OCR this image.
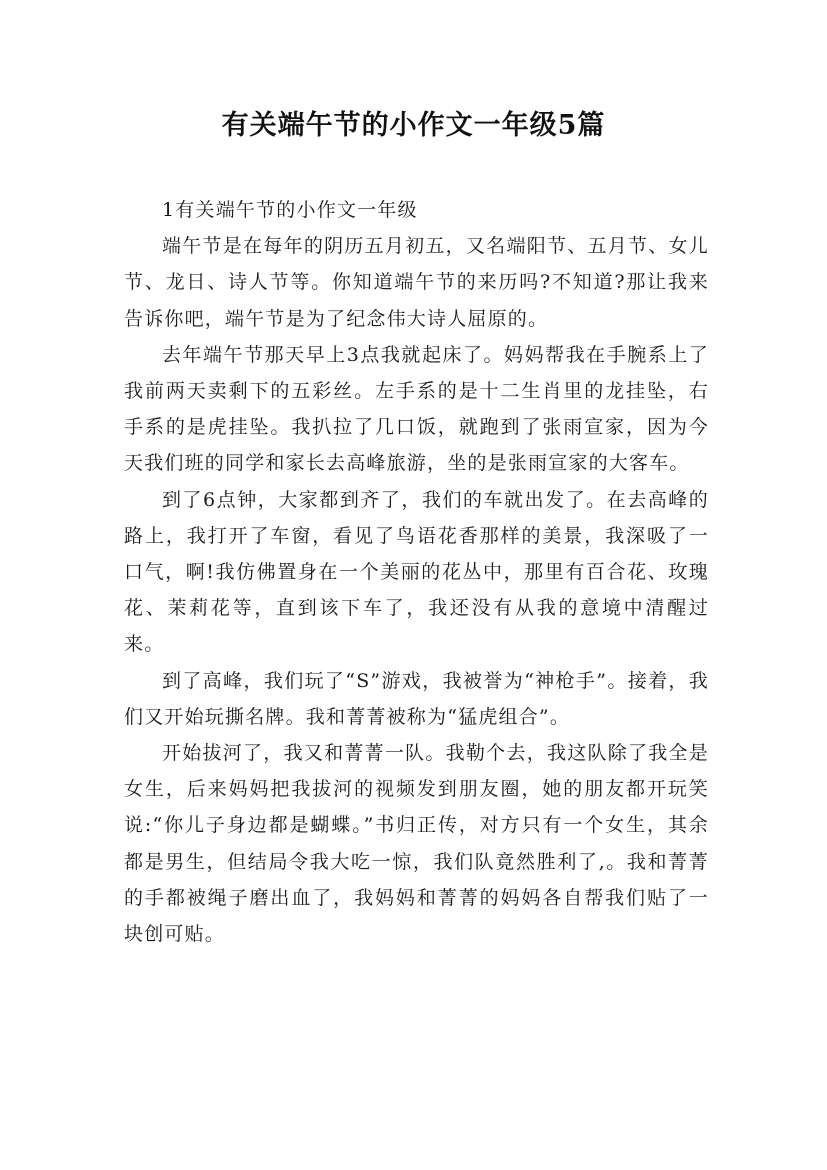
有关端午节的小作文一年级5篇

1有关端午节的小作文一年级

端午节是在每年的阴历五月初五，又名端阳节、五月节、女儿节、龙日、诗人节等。你知道端午节的来历吗?不知道?那让我来告诉你吧，端午节是为了纪念伟大诗人屈原的。

去年端午节那天早上3点我就起床了。妈妈帮我在手腕系上了我前两天卖剩下的五彩丝。左手系的是十二生肖里的龙挂坠，右手系的是虎挂坠。我扒拉了几口饭，就跑到了张雨宣家，因为今天我们班的同学和家长去高峰旅游，坐的是张雨宣家的大客车。

到了6点钟，大家都到齐了，我们的车就出发了。在去高峰的路上，我打开了车窗，看见了鸟语花香那样的美景，我深吸了一口气，啊!我仿佛置身在一个美丽的花丛中，那里有百合花、玫瑰花、茉莉花等，直到该下车了，我还没有从我的意境中清醒过来。

到了高峰，我们玩了“S”游戏，我被誉为“神枪手”。接着，我们又开始玩撕名牌。我和菁菁被称为“猛虎组合”。

开始拔河了，我又和菁菁一队。我勒个去，我这队除了我全是女生，后来妈妈把我拔河的视频发到朋友圈，她的朋友都开玩笑说:“你儿子身边都是蝴蝶。”书归正传，对方只有一个女生，其余都是男生，但结局令我大吃一惊，我们队竟然胜利了,。我和菁菁的手都被绳子磨出血了，我妈妈和菁菁的妈妈各自帮我们贴了一块创可贴。
